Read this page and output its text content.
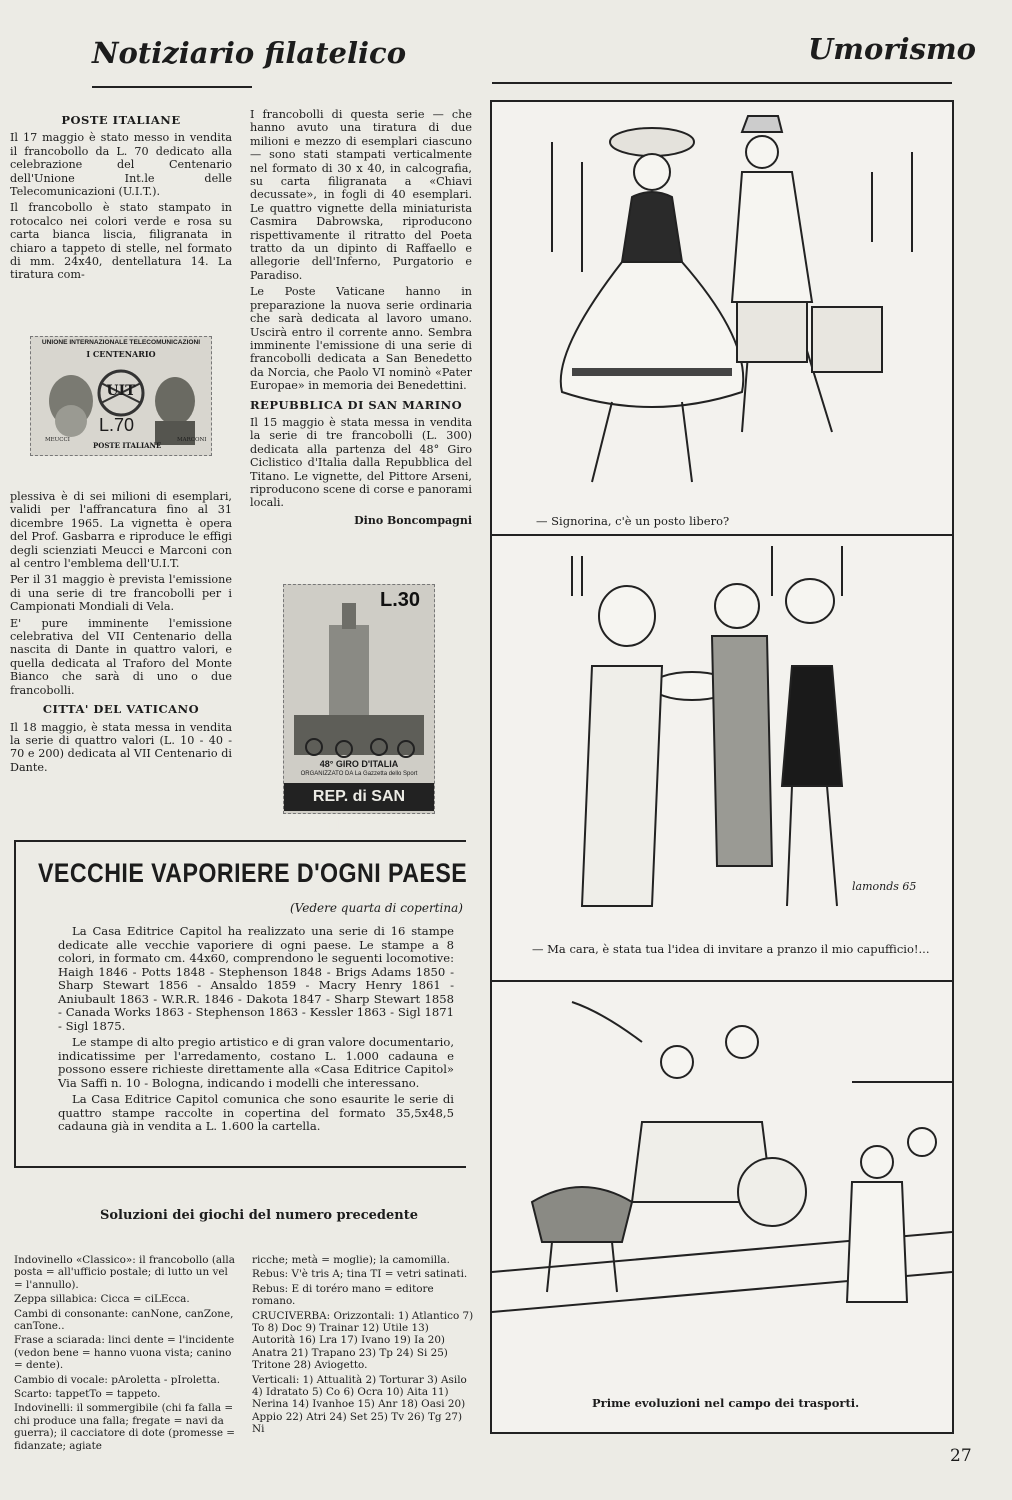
Notiziario filatelico	Umorismo
POSTE ITALIANE

Il 17 maggio è stato messo in vendita il francobollo da L. 70 dedicato alla celebrazione del Centenario dell'Unione Int.le delle Telecomunicazioni (U.I.T.).

Il francobollo è stato stampato in rotocalco nei colori verde e rosa su carta bianca liscia, filigranata in chiaro a tappeto di stelle, nel formato di mm. 24x40, dentellatura 14. La tiratura com-

UNIONE INTERNAZIONALE TELECOMUNICAZIONI
I CENTENARIO
UIT
L.70
MEUCCI	MARCONI
POSTE ITALIANE

plessiva è di sei milioni di esemplari, validi per l'affrancatura fino al 31 dicembre 1965. La vignetta è opera del Prof. Gasbarra e riproduce le effigi degli scienziati Meucci e Marconi con al centro l'emblema dell'U.I.T.

Per il 31 maggio è prevista l'emissione di una serie di tre francobolli per i Campionati Mondiali di Vela.

E' pure imminente l'emissione celebrativa del VII Centenario della nascita di Dante in quattro valori, e quella dedicata al Traforo del Monte Bianco che sarà di uno o due francobolli.

CITTA' DEL VATICANO

Il 18 maggio, è stata messa in vendita la serie di quattro valori (L. 10 - 40 - 70 e 200) dedicata al VII Centenario di Dante.

I francobolli di questa serie — che hanno avuto una tiratura di due milioni e mezzo di esemplari ciascuno — sono stati stampati verticalmente nel formato di 30 x 40, in calcografia, su carta filigranata a «Chiavi decussate», in fogli di 40 esemplari. Le quattro vignette della miniaturista Casmira Dabrowska, riproducono rispettivamente il ritratto del Poeta tratto da un dipinto di Raffaello e allegorie dell'Inferno, Purgatorio e Paradiso.

Le Poste Vaticane hanno in preparazione la nuova serie ordinaria che sarà dedicata al lavoro umano. Uscirà entro il corrente anno. Sembra imminente l'emissione di una serie di francobolli dedicata a San Benedetto da Norcia, che Paolo VI nominò «Pater Europae» in memoria dei Benedettini.

REPUBBLICA DI SAN MARINO

Il 15 maggio è stata messa in vendita la serie di tre francobolli (L. 300) dedicata alla partenza del 48° Giro Ciclistico d'Italia dalla Repubblica del Titano. Le vignette, del Pittore Arseni, riproducono scene di corse e panorami locali.

Dino Boncompagni
L.30
48° GIRO D'ITALIA
ORGANIZZATO DA La Gazzetta dello Sport
REP. di SAN MARINO
VECCHIE VAPORIERE D'OGNI PAESE
(Vedere quarta di copertina)

La Casa Editrice Capitol ha realizzato una serie di 16 stampe dedicate alle vecchie vaporiere di ogni paese. Le stampe a 8 colori, in formato cm. 44x60, comprendono le seguenti locomotive: Haigh 1846 - Potts 1848 - Stephenson 1848 - Brigs Adams 1850 - Sharp Stewart 1856 - Ansaldo 1859 - Macry Henry 1861 - Aniubault 1863 - W.R.R. 1846 - Dakota 1847 - Sharp Stewart 1858 - Canada Works 1863 - Stephenson 1863 - Kessler 1863 - Sigl 1871 - Sigl 1875.

Le stampe di alto pregio artistico e di gran valore documentario, indicatissime per l'arredamento, costano L. 1.000 cadauna e possono essere richieste direttamente alla «Casa Editrice Capitol» Via Saffi n. 10 - Bologna, indicando i modelli che interessano.

La Casa Editrice Capitol comunica che sono esaurite le serie di quattro stampe raccolte in copertina del formato 35,5x48,5 cadauna già in vendita a L. 1.600 la cartella.

Soluzioni dei giochi del numero precedente

Indovinello «Classico»: il francobollo (alla posta = all'ufficio postale; di lutto un vel = l'annullo).

Zeppa sillabica: Cicca = ciLEcca.

Cambi di consonante: canNone, canZone, canTone..

Frase a sciarada: linci dente = l'incidente (vedon bene = hanno vuona vista; canino = dente).

Cambio di vocale: pAroletta - pIroletta.

Scarto: tappetTo = tappeto.

Indovinelli: il sommergibile (chi fa falla = chi produce una falla; fregate = navi da guerra); il cacciatore di dote (promesse = fidanzate; agiate

ricche; metà = moglie); la camomilla.

Rebus: V'è tris A; tina TI = vetri satinati.

Rebus: E di toréro mano = editore romano.

CRUCIVERBA: Orizzontali: 1) Atlantico 7) To 8) Doc 9) Trainar 12) Utile 13) Autorità 16) Lra 17) Ivano 19) Ia 20) Anatra 21) Trapano 23) Tp 24) Si 25) Tritone 28) Aviogetto.

Verticali: 1) Attualità 2) Torturar 3) Asilo 4) Idratato 5) Co 6) Ocra 10) Aita 11) Nerina 14) Ivanhoe 15) Anr 18) Oasi 20) Appio 22) Atri 24) Set 25) Tv 26) Tg 27) Ni

— Signorina, c'è un posto libero?
lamonds 65
— Ma cara, è stata tua l'idea di invitare a pranzo il mio capufficio!...
Prime evoluzioni nel campo dei trasporti.
27
